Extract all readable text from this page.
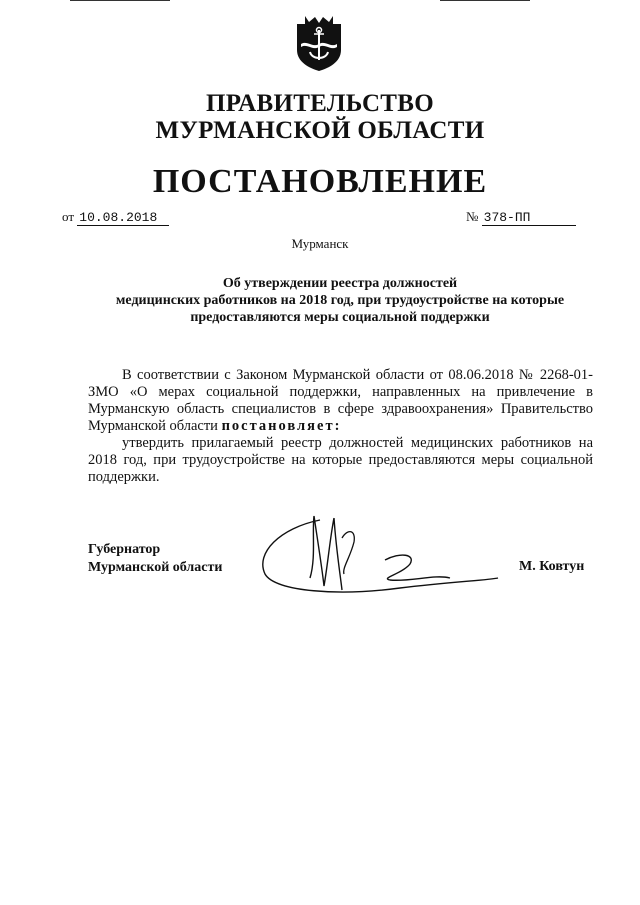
ПРАВИТЕЛЬСТВО
МУРМАНСКОЙ ОБЛАСТИ
ПОСТАНОВЛЕНИЕ
от 10.08.2018	№ 378-ПП
Мурманск
Об утверждении реестра должностей
медицинских работников на 2018 год, при трудоустройстве на которые
предоставляются меры социальной поддержки

В соответствии с Законом Мурманской области от 08.06.2018 № 2268-01-ЗМО «О мерах социальной поддержки, направленных на привлечение в Мурманскую область специалистов в сфере здравоохранения» Правительство Мурманской области постановляет:

утвердить прилагаемый реестр должностей медицинских работников на 2018 год, при трудоустройстве на которые предоставляются меры социальной поддержки.

Губернатор
Мурманской области	М. Ковтун
